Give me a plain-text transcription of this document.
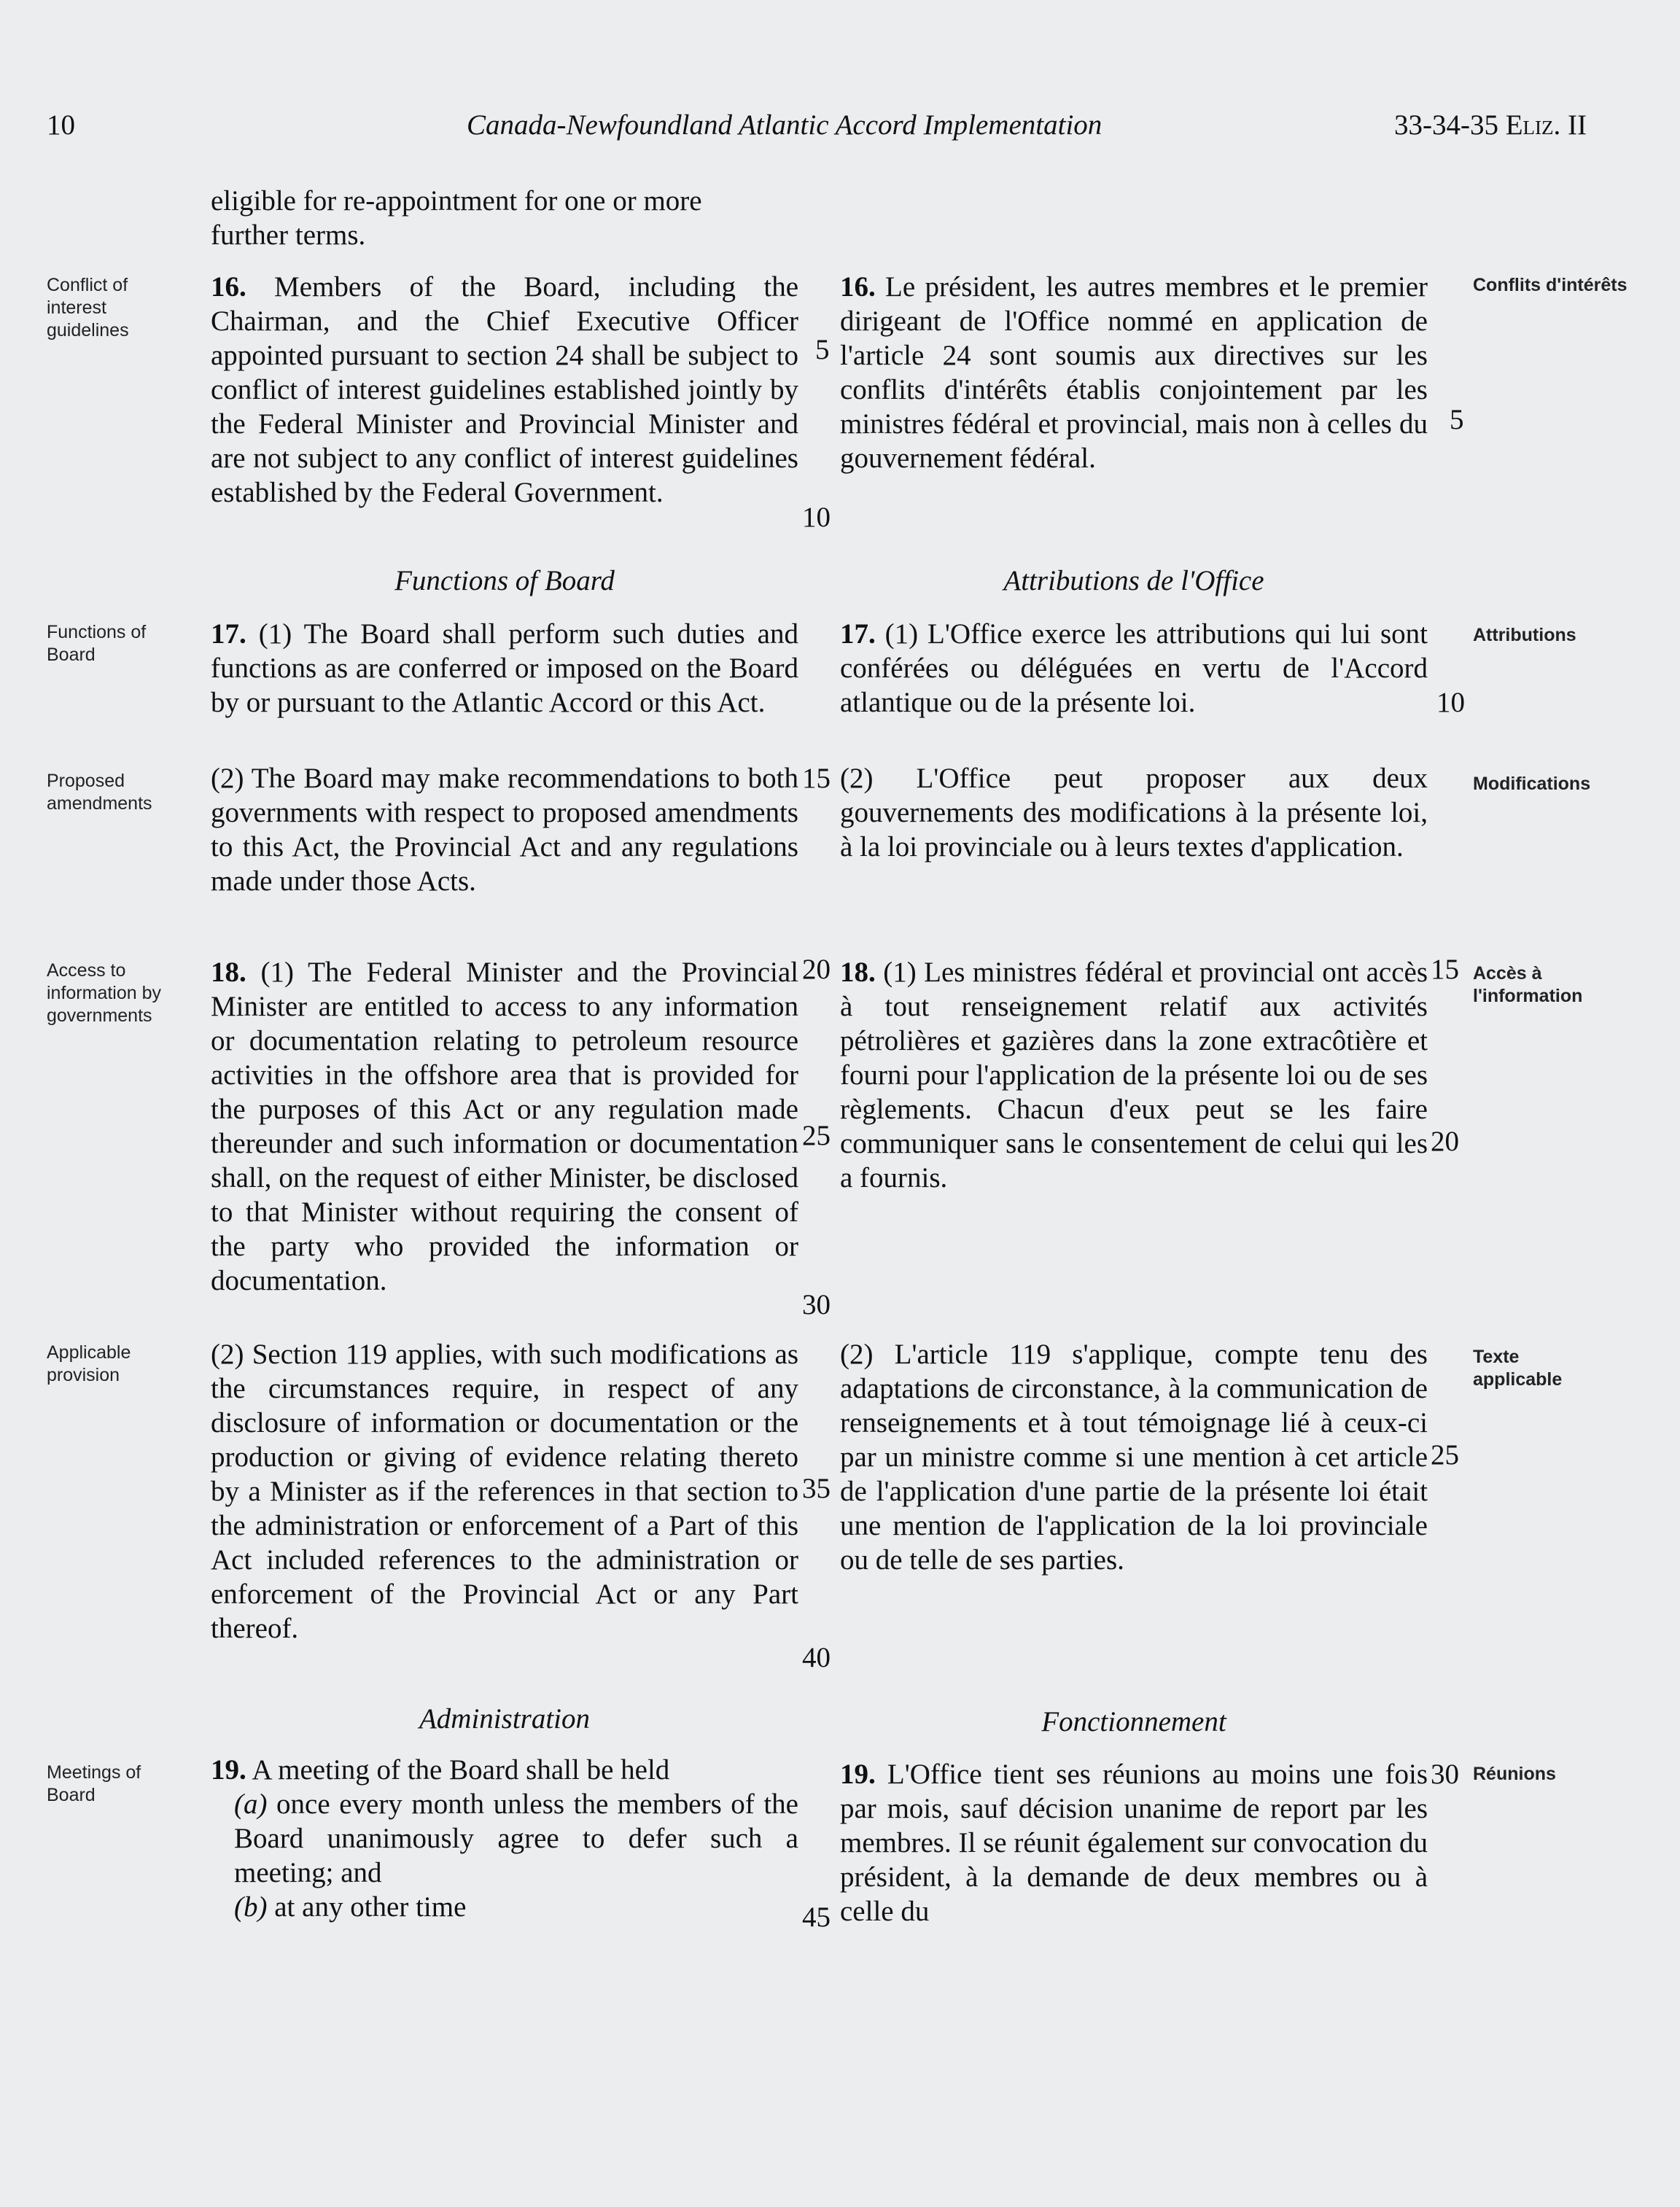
10	Canada-Newfoundland Atlantic Accord Implementation	33-34-35 Eliz. II
eligible for re-appointment for one or more
further terms.
Conflict of interest guidelines

16. Members of the Board, including the Chairman, and the Chief Executive Officer appointed pursuant to section 24 shall be subject to conflict of interest guidelines established jointly by the Federal Minister and Provincial Minister and are not subject to any conflict of interest guidelines established by the Federal Government.

Functions of Board
Functions of Board

17. (1) The Board shall perform such duties and functions as are conferred or imposed on the Board by or pursuant to the Atlantic Accord or this Act.

Proposed amendments

(2) The Board may make recommendations to both governments with respect to proposed amendments to this Act, the Provincial Act and any regulations made under those Acts.

Access to information by governments

18. (1) The Federal Minister and the Provincial Minister are entitled to access to any information or documentation relating to petroleum resource activities in the offshore area that is provided for the purposes of this Act or any regulation made thereunder and such information or documentation shall, on the request of either Minister, be disclosed to that Minister without requiring the consent of the party who provided the information or documentation.

Applicable provision

(2) Section 119 applies, with such modifications as the circumstances require, in respect of any disclosure of information or documentation or the production or giving of evidence relating thereto by a Minister as if the references in that section to the administration or enforcement of a Part of this Act included references to the administration or enforcement of the Provincial Act or any Part thereof.

Administration
Meetings of Board

19. A meeting of the Board shall be held

(a) once every month unless the members of the Board unanimously agree to defer such a meeting; and

(b) at any other time

5
10
15
20
25
30
35
40
45

16. Le président, les autres membres et le premier dirigeant de l'Office nommé en application de l'article 24 sont soumis aux directives sur les conflits d'intérêts établis conjointement par les ministres fédéral et provincial, mais non à celles du gouvernement fédéral.

Conflits d'intérêts
Attributions de l'Office

17. (1) L'Office exerce les attributions qui lui sont conférées ou déléguées en vertu de l'Accord atlantique ou de la présente loi.

Attributions

(2) L'Office peut proposer aux deux gouvernements des modifications à la présente loi, à la loi provinciale ou à leurs textes d'application.

Modifications

18. (1) Les ministres fédéral et provincial ont accès à tout renseignement relatif aux activités pétrolières et gazières dans la zone extracôtière et fourni pour l'application de la présente loi ou de ses règlements. Chacun d'eux peut se les faire communiquer sans le consentement de celui qui les a fournis.

Accès à l'information

(2) L'article 119 s'applique, compte tenu des adaptations de circonstance, à la communication de renseignements et à tout témoignage lié à ceux-ci par un ministre comme si une mention à cet article de l'application d'une partie de la présente loi était une mention de l'application de la loi provinciale ou de telle de ses parties.

Texte applicable
Fonctionnement

19. L'Office tient ses réunions au moins une fois par mois, sauf décision unanime de report par les membres. Il se réunit également sur convocation du président, à la demande de deux membres ou à celle du

Réunions
5
10
15
20
25
30
